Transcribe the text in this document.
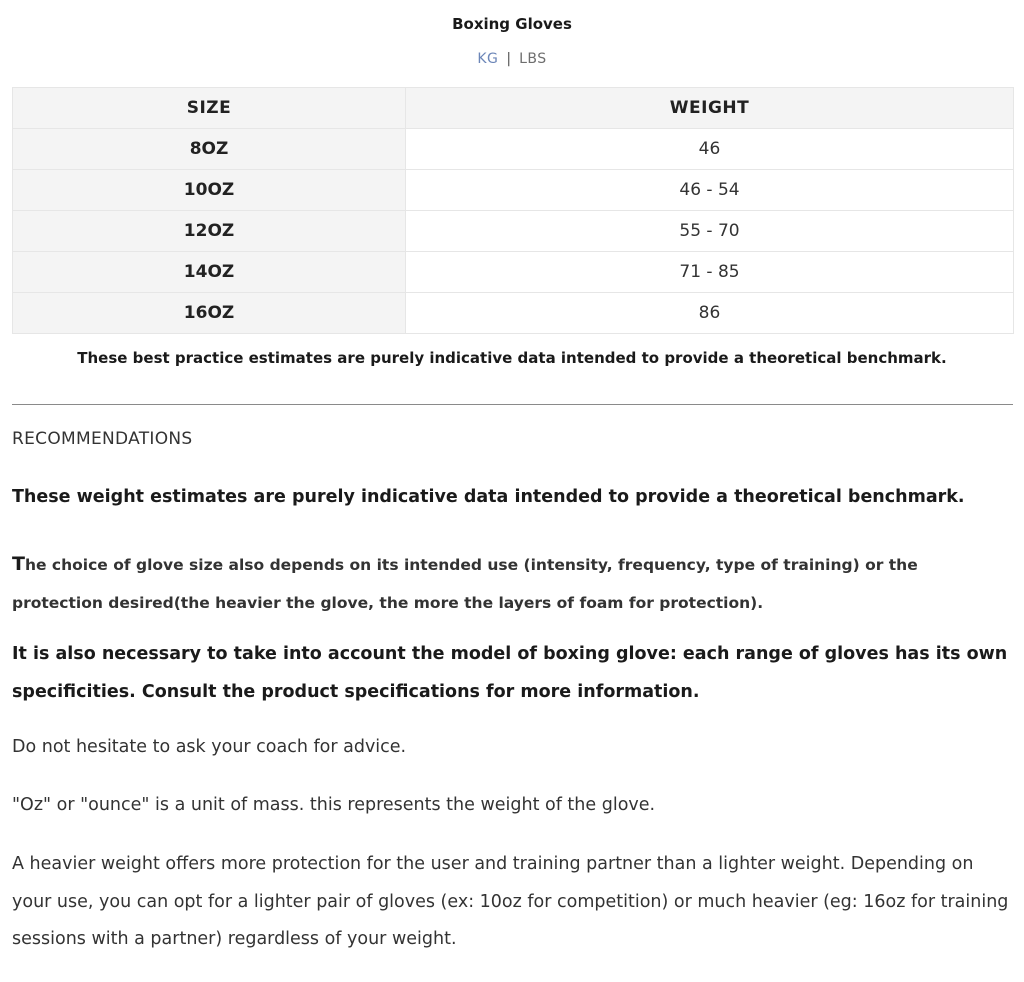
Boxing Gloves
KG | LBS
SIZE	WEIGHT
8OZ	46
10OZ	46 - 54
12OZ	55 - 70
14OZ	71 - 85
16OZ	86
These best practice estimates are purely indicative data intended to provide a theoretical benchmark.
RECOMMENDATIONS

These weight estimates are purely indicative data intended to provide a theoretical benchmark.

The choice of glove size also depends on its intended use (intensity, frequency, type of training) or the protection desired(the heavier the glove, the more the layers of foam for protection).

It is also necessary to take into account the model of boxing glove: each range of gloves has its own specificities. Consult the product specifications for more information.

Do not hesitate to ask your coach for advice.

"Oz" or "ounce" is a unit of mass. this represents the weight of the glove.

A heavier weight offers more protection for the user and training partner than a lighter weight. Depending on your use, you can opt for a lighter pair of gloves (ex: 10oz for competition) or much heavier (eg: 16oz for training sessions with a partner) regardless of your weight.
